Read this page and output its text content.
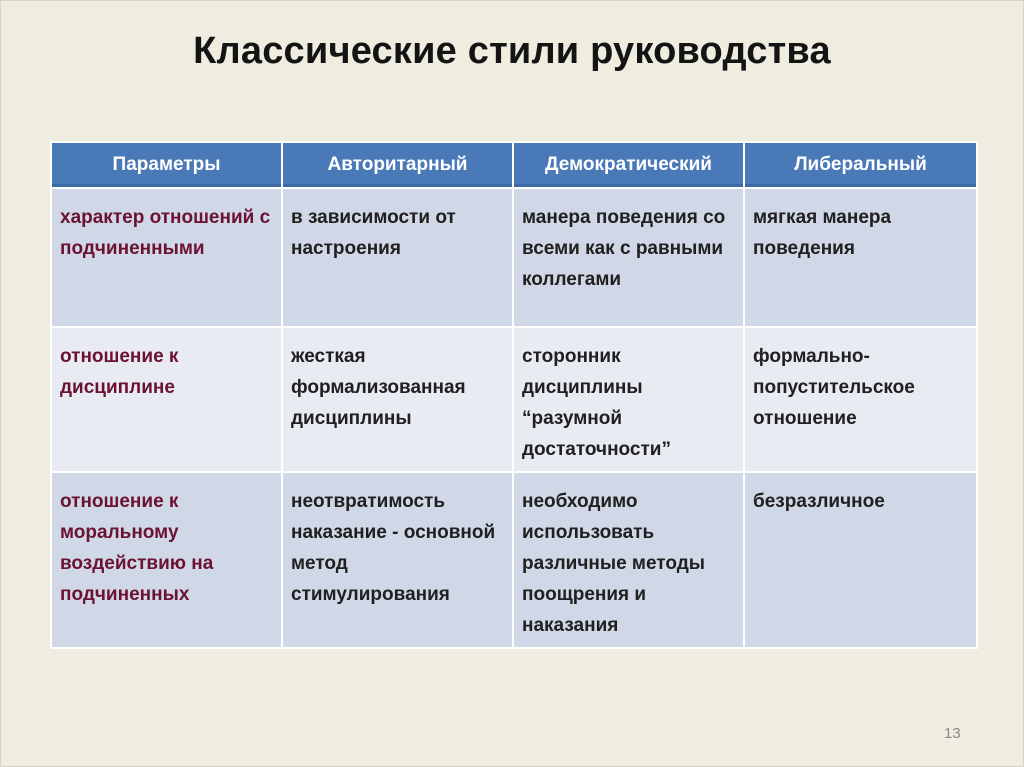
Классические стили руководства
Параметры	Авторитарный	Демократический	Либеральный
характер отношений с подчиненными	в зависимости от настроения	манера поведения со всеми как с равными коллегами	мягкая манера поведения
отношение к дисциплине	жесткая формализованная дисциплины	сторонник дисциплины “разумной достаточности”	формально-попустительское отношение
отношение к моральному воздействию на подчиненных	неотвратимость наказание - основной метод стимулирования	необходимо использовать различные методы поощрения и наказания	безразличное
13
